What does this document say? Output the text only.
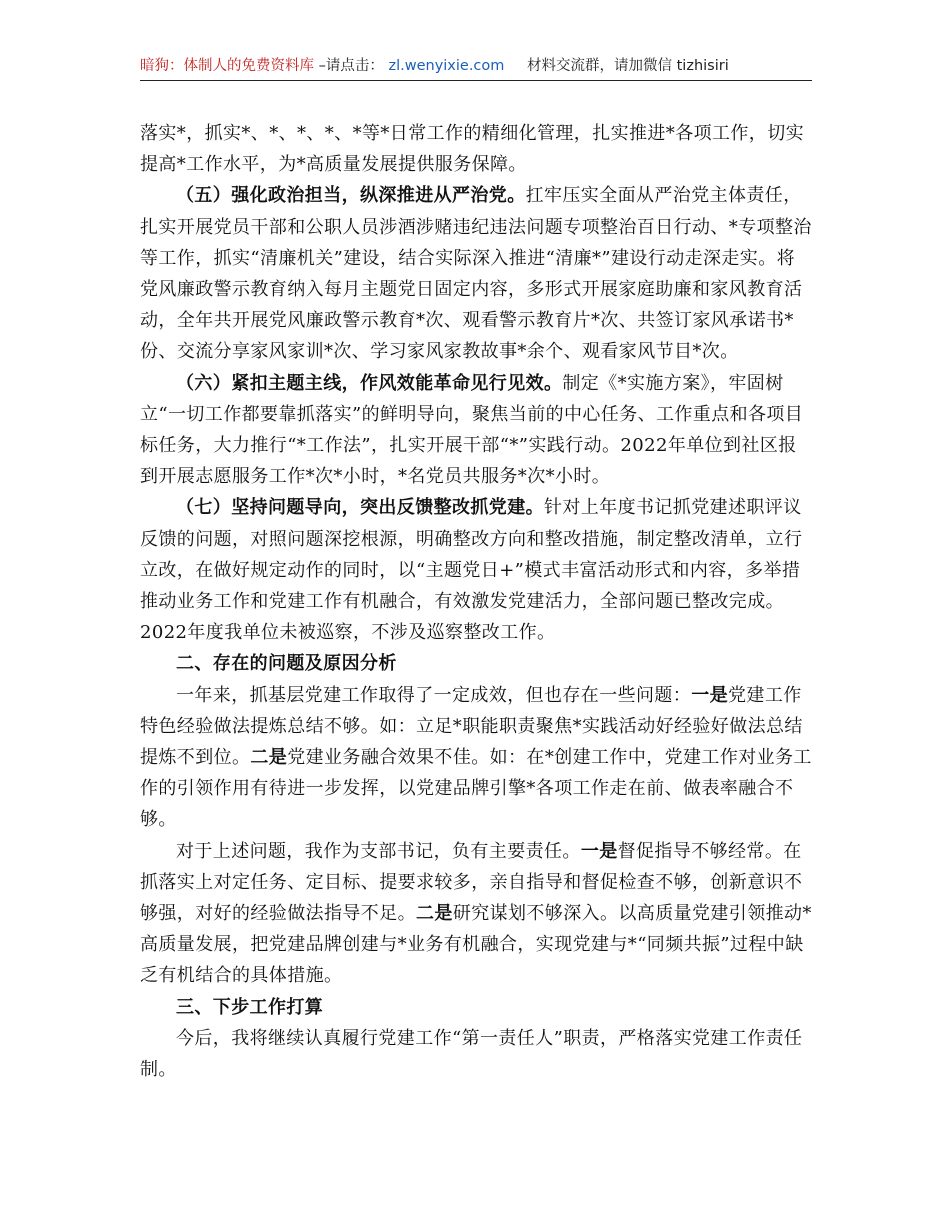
暗狗：体制人的免费资料库 –请点击： zl.wenyixie.com 材料交流群，请加微信 tizhisiri

落实*，抓实*、*、*、*、*等*日常工作的精细化管理，扎实推进*各项工作，切实提高*工作水平，为*高质量发展提供服务保障。

（五）强化政治担当，纵深推进从严治党。扛牢压实全面从严治党主体责任，扎实开展党员干部和公职人员涉酒涉赌违纪违法问题专项整治百日行动、*专项整治等工作，抓实“清廉机关”建设，结合实际深入推进“清廉*”建设行动走深走实。将党风廉政警示教育纳入每月主题党日固定内容，多形式开展家庭助廉和家风教育活动，全年共开展党风廉政警示教育*次、观看警示教育片*次、共签订家风承诺书*份、交流分享家风家训*次、学习家风家教故事*余个、观看家风节目*次。

（六）紧扣主题主线，作风效能革命见行见效。制定《*实施方案》，牢固树立“一切工作都要靠抓落实”的鲜明导向，聚焦当前的中心任务、工作重点和各项目标任务，大力推行“*工作法”，扎实开展干部“*”实践行动。2022年单位到社区报到开展志愿服务工作*次*小时，*名党员共服务*次*小时。

（七）坚持问题导向，突出反馈整改抓党建。针对上年度书记抓党建述职评议反馈的问题，对照问题深挖根源，明确整改方向和整改措施，制定整改清单，立行立改，在做好规定动作的同时，以“主题党日+”模式丰富活动形式和内容，多举措推动业务工作和党建工作有机融合，有效激发党建活力，全部问题已整改完成。2022年度我单位未被巡察，不涉及巡察整改工作。

二、存在的问题及原因分析

一年来，抓基层党建工作取得了一定成效，但也存在一些问题：一是党建工作特色经验做法提炼总结不够。如：立足*职能职责聚焦*实践活动好经验好做法总结提炼不到位。二是党建业务融合效果不佳。如：在*创建工作中，党建工作对业务工作的引领作用有待进一步发挥，以党建品牌引擎*各项工作走在前、做表率融合不够。

对于上述问题，我作为支部书记，负有主要责任。一是督促指导不够经常。在抓落实上对定任务、定目标、提要求较多，亲自指导和督促检查不够，创新意识不够强，对好的经验做法指导不足。二是研究谋划不够深入。以高质量党建引领推动*高质量发展，把党建品牌创建与*业务有机融合，实现党建与*“同频共振”过程中缺乏有机结合的具体措施。

三、下步工作打算

今后，我将继续认真履行党建工作“第一责任人”职责，严格落实党建工作责任制。
